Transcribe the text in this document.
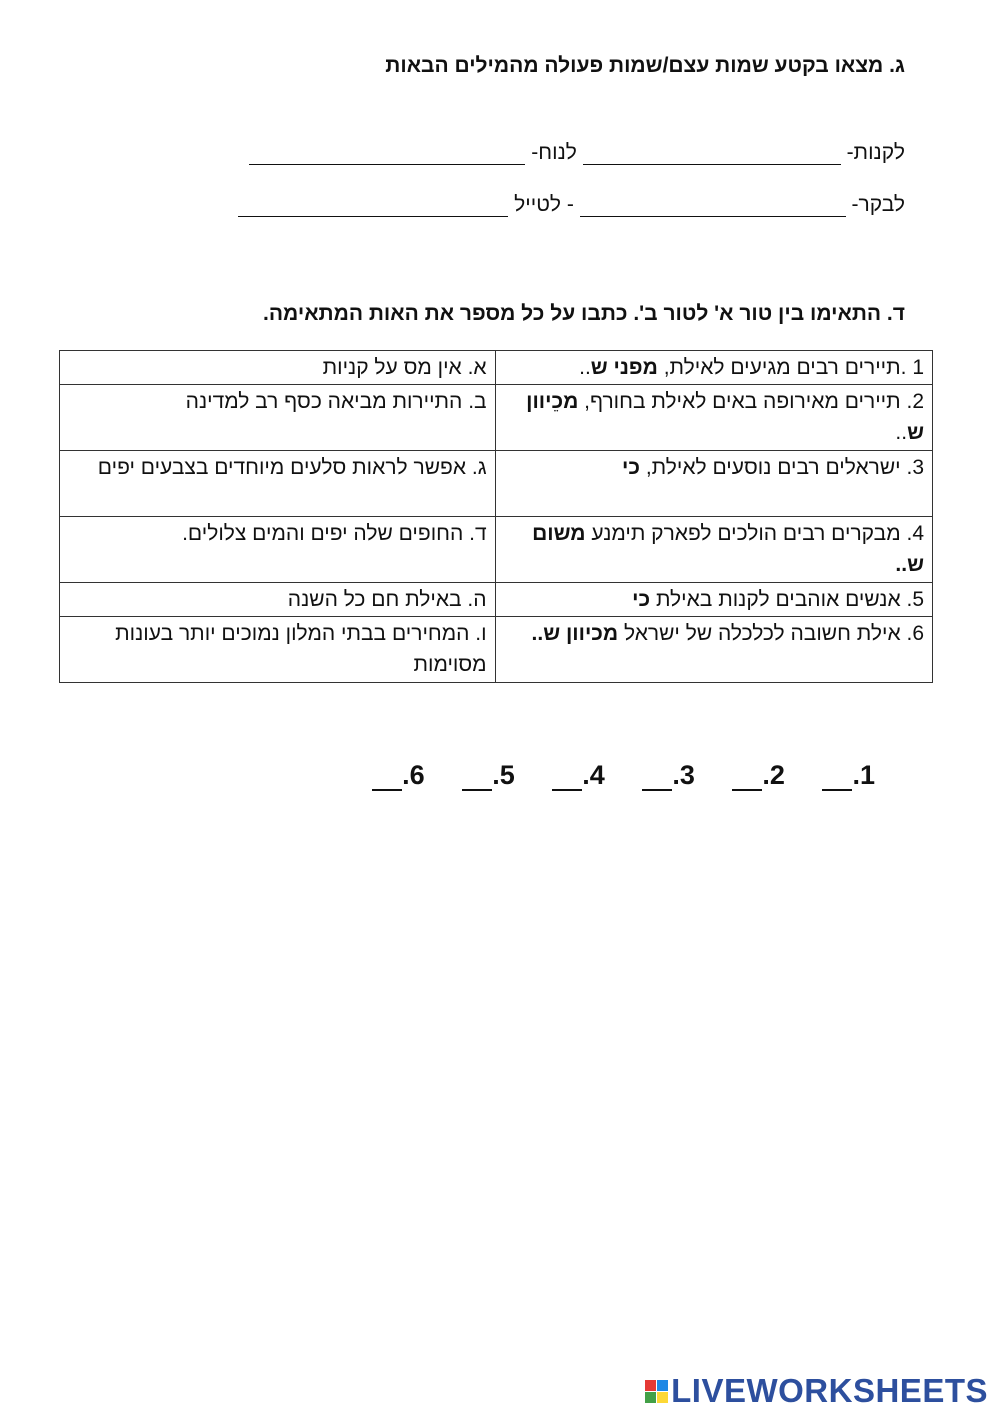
ג. מצאו בקטע שמות עצם/שמות פעולה מהמילים הבאות
לקנות-  לנוח-
לבקר-  - לטייל
ד. התאימו בין טור א' לטור ב'. כתבו על כל מספר את האות המתאימה.
1 .תיירים רבים מגיעים לאילת, מפני ש..	א. אין מס על קניות
2. תיירים מאירופה באים לאילת בחורף, מכֵיוון ש..	ב. התיירות מביאה כסף רב למדינה
3. ישראלים רבים נוסעים לאילת, כי	ג. אפשר לראות סלעים מיוחדים בצבעים יפים
4. מבקרים רבים הולכים לפארק תימנע משום ש..	ד. החופים שלה יפים והמים צלולים.
5. אנשים אוהבים לקנות באילת כי	ה. באילת חם כל השנה
6. אילת חשובה לכלכלה של ישראל מכיוון ש..	ו. המחירים בבתי המלון נמוכים יותר בעונות מסוימות
1. 2. 3. 4. 5. 6.
LIVEWORKSHEETS
